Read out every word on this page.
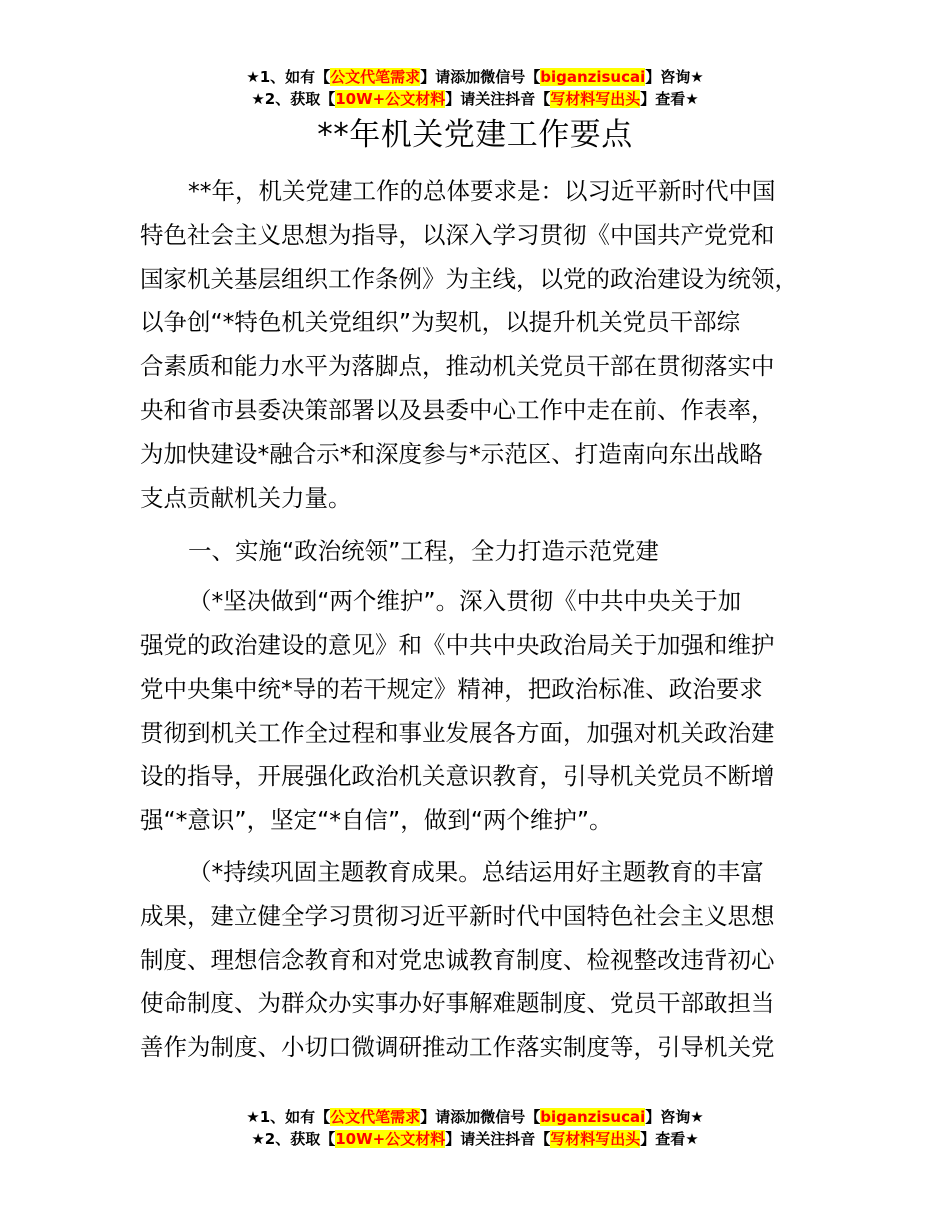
★1、如有【公文代笔需求】请添加微信号【biganzisucai】咨询★
★2、获取【10W+公文材料】请关注抖音【写材料写出头】查看★
**年机关党建工作要点
**年，机关党建工作的总体要求是：以习近平新时代中国
特色社会主义思想为指导，以深入学习贯彻《中国共产党党和
国家机关基层组织工作条例》为主线，以党的政治建设为统领，
以争创“*特色机关党组织”为契机，以提升机关党员干部综
合素质和能力水平为落脚点，推动机关党员干部在贯彻落实中
央和省市县委决策部署以及县委中心工作中走在前、作表率，
为加快建设*融合示*和深度参与*示范区、打造南向东出战略
支点贡献机关力量。
一、实施“政治统领”工程，全力打造示范党建
（*坚决做到“两个维护”。深入贯彻《中共中央关于加
强党的政治建设的意见》和《中共中央政治局关于加强和维护
党中央集中统*导的若干规定》精神，把政治标准、政治要求
贯彻到机关工作全过程和事业发展各方面，加强对机关政治建
设的指导，开展强化政治机关意识教育，引导机关党员不断增
强“*意识”，坚定“*自信”，做到“两个维护”。
（*持续巩固主题教育成果。总结运用好主题教育的丰富
成果，建立健全学习贯彻习近平新时代中国特色社会主义思想
制度、理想信念教育和对党忠诚教育制度、检视整改违背初心
使命制度、为群众办实事办好事解难题制度、党员干部敢担当
善作为制度、小切口微调研推动工作落实制度等，引导机关党
★1、如有【公文代笔需求】请添加微信号【biganzisucai】咨询★
★2、获取【10W+公文材料】请关注抖音【写材料写出头】查看★
